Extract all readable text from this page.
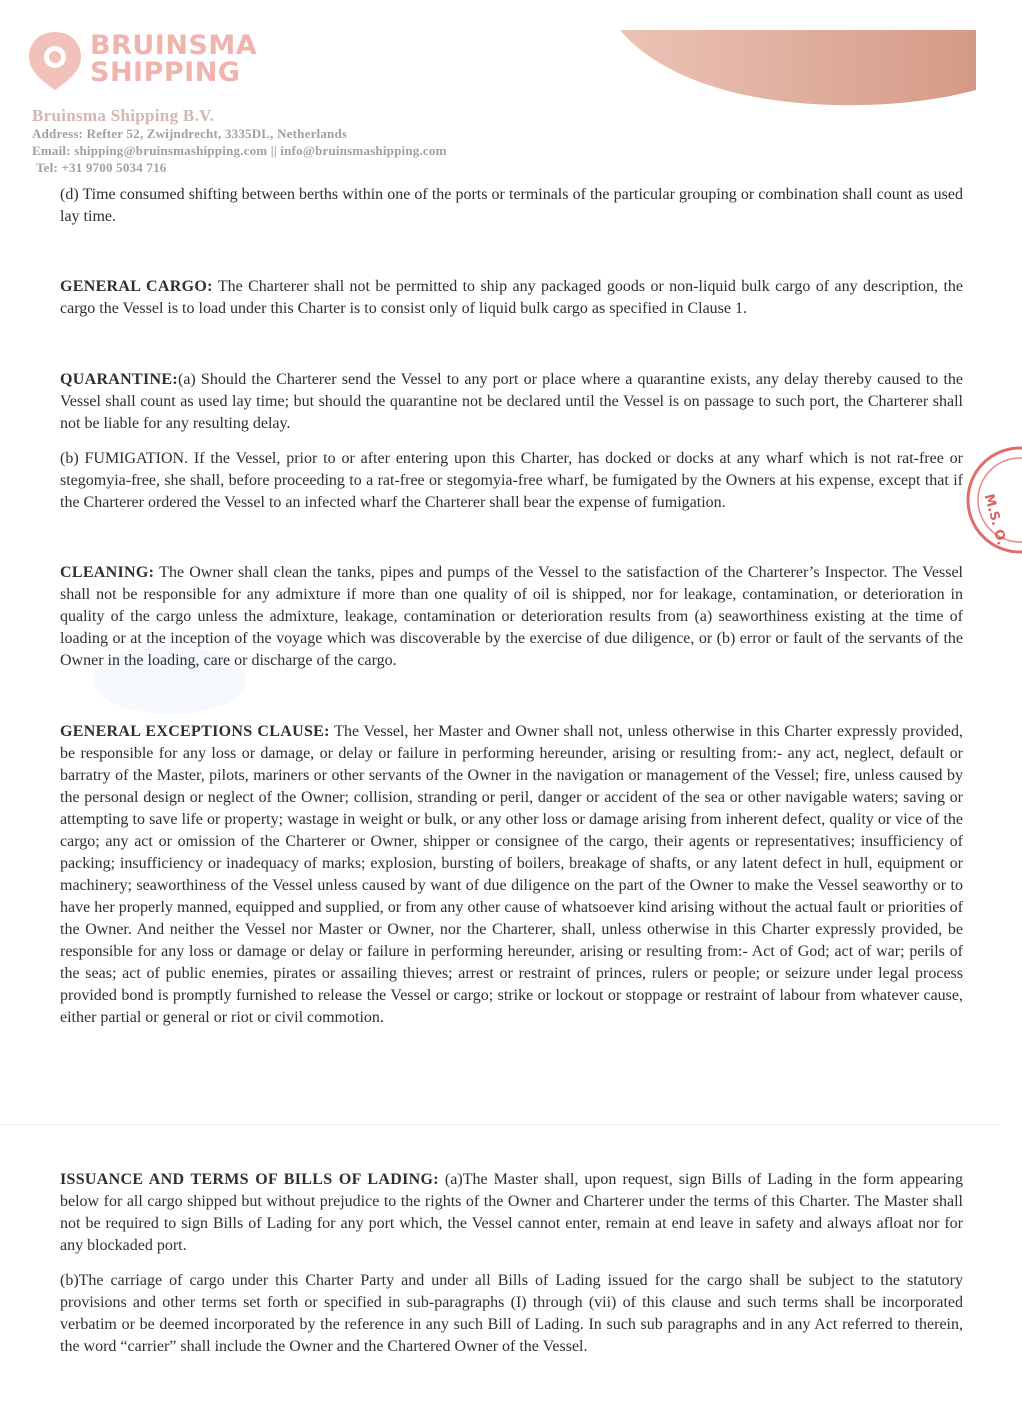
BRUINSMA
SHIPPING
Bruinsma Shipping B.V.
Address: Refter 52, Zwijndrecht, 3335DL, Netherlands
Email: shipping@bruinsmashipping.com || info@bruinsmashipping.com
Tel: +31 9700 5034 716
M.S. O.
(d) Time consumed shifting between berths within one of the ports or terminals of the particular grouping or combination shall count as used lay time.
GENERAL CARGO: The Charterer shall not be permitted to ship any packaged goods or non-liquid bulk cargo of any description, the cargo the Vessel is to load under this Charter is to consist only of liquid bulk cargo as specified in Clause 1.
QUARANTINE:(a) Should the Charterer send the Vessel to any port or place where a quarantine exists, any delay thereby caused to the Vessel shall count as used lay time; but should the quarantine not be declared until the Vessel is on passage to such port, the Charterer shall not be liable for any resulting delay.
(b) FUMIGATION. If the Vessel, prior to or after entering upon this Charter, has docked or docks at any wharf which is not rat-free or stegomyia-free, she shall, before proceeding to a rat-free or stegomyia-free wharf, be fumigated by the Owners at his expense, except that if the Charterer ordered the Vessel to an infected wharf the Charterer shall bear the expense of fumigation.
CLEANING: The Owner shall clean the tanks, pipes and pumps of the Vessel to the satisfaction of the Charterer’s Inspector. The Vessel shall not be responsible for any admixture if more than one quality of oil is shipped, nor for leakage, contamination, or deterioration in quality of the cargo unless the admixture, leakage, contamination or deterioration results from (a) seaworthiness existing at the time of loading or at the inception of the voyage which was discoverable by the exercise of due diligence, or (b) error or fault of the servants of the Owner in the loading, care or discharge of the cargo.
GENERAL EXCEPTIONS CLAUSE: The Vessel, her Master and Owner shall not, unless otherwise in this Charter expressly provided, be responsible for any loss or damage, or delay or failure in performing hereunder, arising or resulting from:- any act, neglect, default or barratry of the Master, pilots, mariners or other servants of the Owner in the navigation or management of the Vessel; fire, unless caused by the personal design or neglect of the Owner; collision, stranding or peril, danger or accident of the sea or other navigable waters; saving or attempting to save life or property; wastage in weight or bulk, or any other loss or damage arising from inherent defect, quality or vice of the cargo; any act or omission of the Charterer or Owner, shipper or consignee of the cargo, their agents or representatives; insufficiency of packing; insufficiency or inadequacy of marks; explosion, bursting of boilers, breakage of shafts, or any latent defect in hull, equipment or machinery; seaworthiness of the Vessel unless caused by want of due diligence on the part of the Owner to make the Vessel seaworthy or to have her properly manned, equipped and supplied, or from any other cause of whatsoever kind arising without the actual fault or priorities of the Owner. And neither the Vessel nor Master or Owner, nor the Charterer, shall, unless otherwise in this Charter expressly provided, be responsible for any loss or damage or delay or failure in performing hereunder, arising or resulting from:- Act of God; act of war; perils of the seas; act of public enemies, pirates or assailing thieves; arrest or restraint of princes, rulers or people; or seizure under legal process provided bond is promptly furnished to release the Vessel or cargo; strike or lockout or stoppage or restraint of labour from whatever cause, either partial or general or riot or civil commotion.
ISSUANCE AND TERMS OF BILLS OF LADING: (a)The Master shall, upon request, sign Bills of Lading in the form appearing below for all cargo shipped but without prejudice to the rights of the Owner and Charterer under the terms of this Charter. The Master shall not be required to sign Bills of Lading for any port which, the Vessel cannot enter, remain at end leave in safety and always afloat nor for any blockaded port.
(b)The carriage of cargo under this Charter Party and under all Bills of Lading issued for the cargo shall be subject to the statutory provisions and other terms set forth or specified in sub-paragraphs (I) through (vii) of this clause and such terms shall be incorporated verbatim or be deemed incorporated by the reference in any such Bill of Lading. In such sub paragraphs and in any Act referred to therein, the word “carrier” shall include the Owner and the Chartered Owner of the Vessel.
